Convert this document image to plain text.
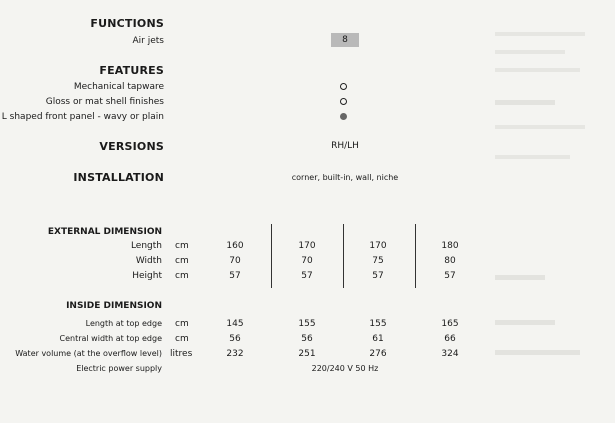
FUNCTIONS
Air jets	8
FEATURES
Mechanical tapware
Gloss or mat shell finishes
L shaped front panel - wavy or plain
VERSIONS	RH/LH
INSTALLATION	corner, built-in, wall, niche
EXTERNAL DIMENSION
Length cm	160	170	170	180
Width cm	70	70	75	80
Height cm	57	57	57	57
INSIDE DIMENSION
Length at top edge cm	145	155	155	165
Central width at top edge cm	56	56	61	66
Water volume (at the overflow level) litres	232	251	276	324
Electric power supply	220/240 V 50 Hz
